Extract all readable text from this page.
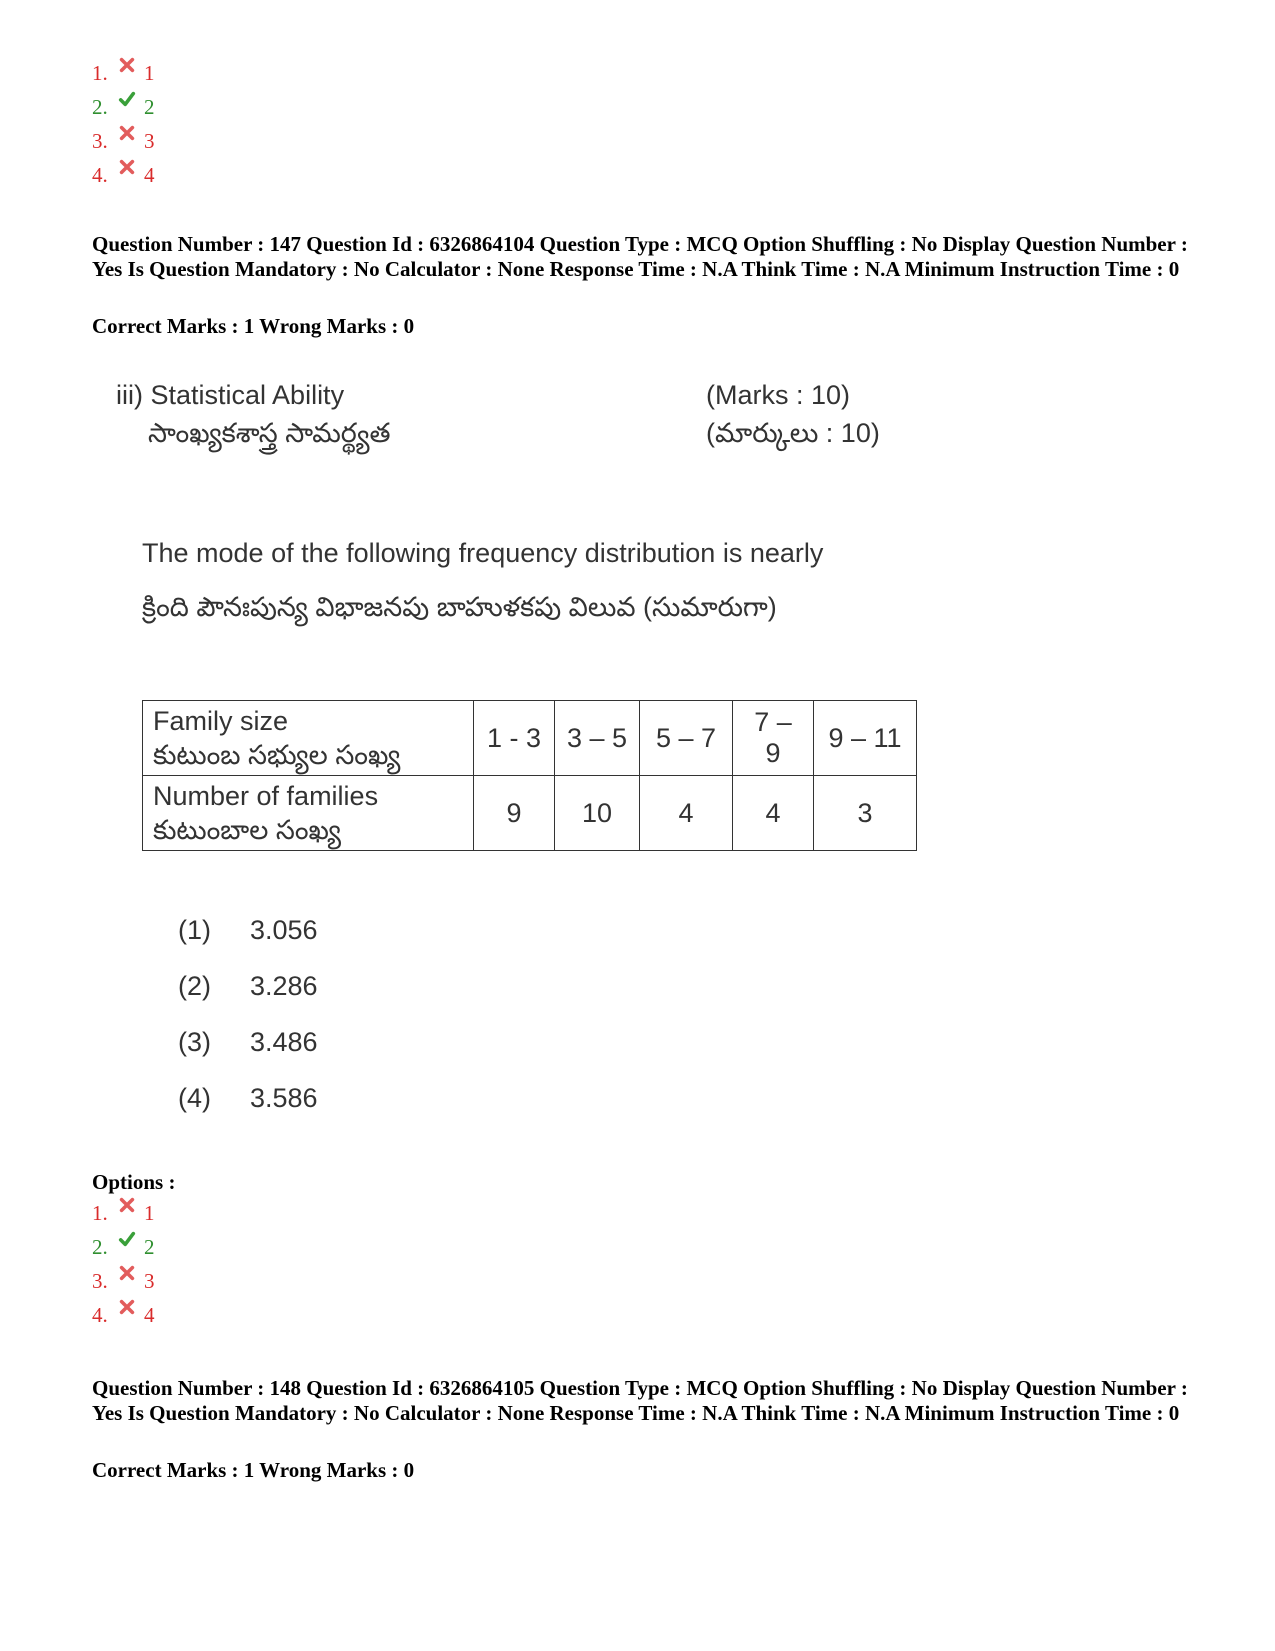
1.	1
2.	2
3.	3
4.	4

Question Number : 147 Question Id : 6326864104 Question Type : MCQ Option Shuffling : No Display Question Number : Yes Is Question Mandatory : No Calculator : None Response Time : N.A Think Time : N.A Minimum Instruction Time : 0

Correct Marks : 1 Wrong Marks : 0

iii) Statistical Ability
సాంఖ్యకశాస్త్ర సామర్థ్యత
(Marks : 10)
(మార్కులు : 10)
The mode of the following frequency distribution is nearly
క్రింది పౌనఃపున్య విభాజనపు బాహుళకపు విలువ (సుమారుగా)
Family size
కుటుంబ సభ్యుల సంఖ్య	1 - 3	3 – 5	5 – 7	7 – 9	9 – 11
Number of families
కుటుంబాల సంఖ్య	9	10	4	4	3
(1)	3.056
(2)	3.286
(3)	3.486
(4)	3.586

Options :

1.	1
2.	2
3.	3
4.	4

Question Number : 148 Question Id : 6326864105 Question Type : MCQ Option Shuffling : No Display Question Number : Yes Is Question Mandatory : No Calculator : None Response Time : N.A Think Time : N.A Minimum Instruction Time : 0

Correct Marks : 1 Wrong Marks : 0
